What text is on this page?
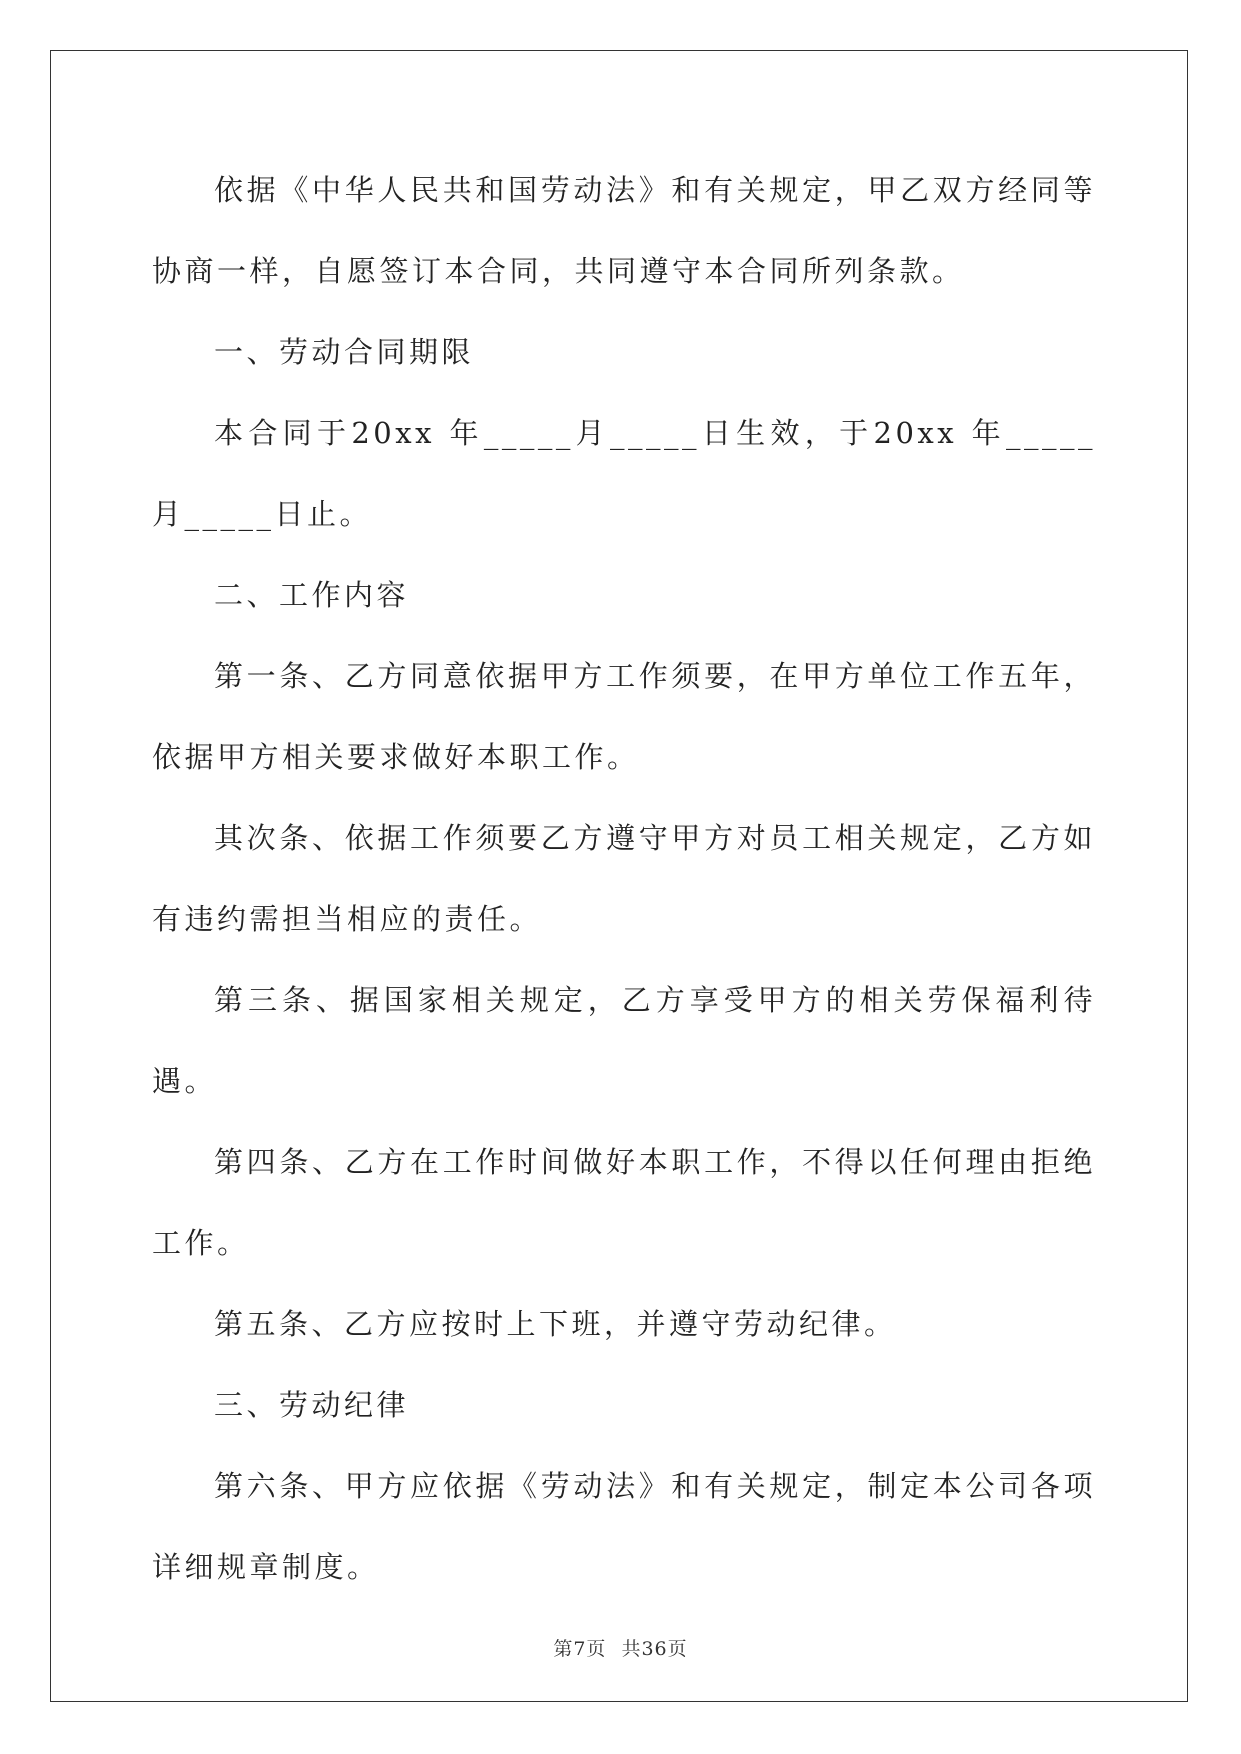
依据《中华人民共和国劳动法》和有关规定，甲乙双方经同等协商一样，自愿签订本合同，共同遵守本合同所列条款。

一、劳动合同期限

本合同于20xx 年_____月_____日生效，于20xx 年_____月_____日止。

二、工作内容

第一条、乙方同意依据甲方工作须要，在甲方单位工作五年，依据甲方相关要求做好本职工作。

其次条、依据工作须要乙方遵守甲方对员工相关规定，乙方如有违约需担当相应的责任。

第三条、据国家相关规定，乙方享受甲方的相关劳保福利待遇。

第四条、乙方在工作时间做好本职工作，不得以任何理由拒绝工作。

第五条、乙方应按时上下班，并遵守劳动纪律。

三、劳动纪律

第六条、甲方应依据《劳动法》和有关规定，制定本公司各项详细规章制度。

第7页 共36页
